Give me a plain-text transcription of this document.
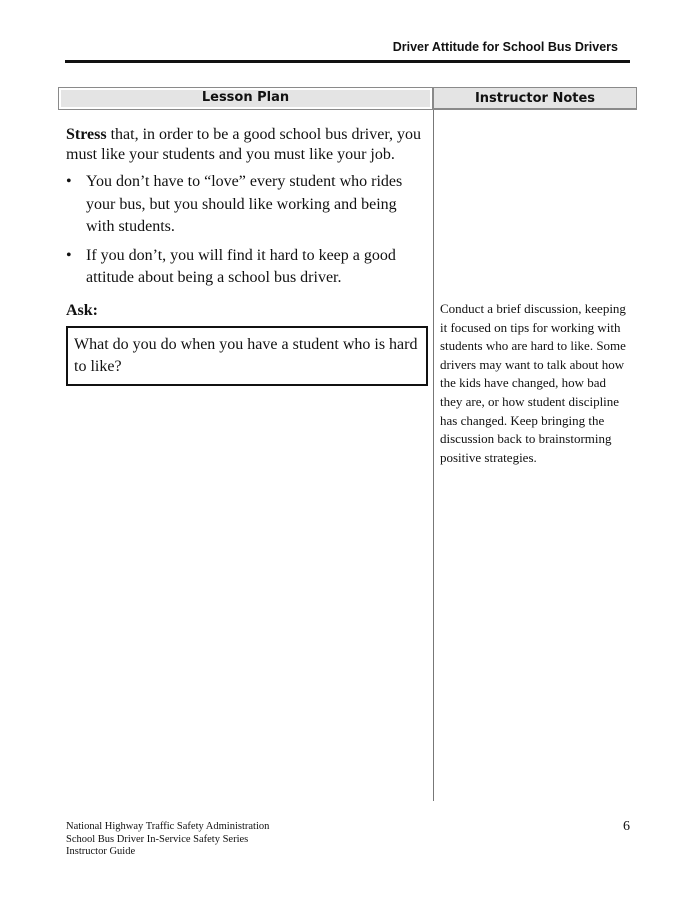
Driver Attitude for School Bus Drivers
Lesson Plan	Instructor Notes

Stress that, in order to be a good school bus driver, you must like your students and you must like your job.

• You don’t have to “love” every student who rides your bus, but you should like working and being with students.
• If you don’t, you will find it hard to keep a good attitude about being a school bus driver.
Ask:
What do you do when you have a student who is hard to like?
Conduct a brief discussion, keeping it focused on tips for working with students who are hard to like. Some drivers may want to talk about how the kids have changed, how bad they are, or how student discipline has changed. Keep bringing the discussion back to brainstorming positive strategies.
National Highway Traffic Safety Administration
School Bus Driver In-Service Safety Series
Instructor Guide
6
